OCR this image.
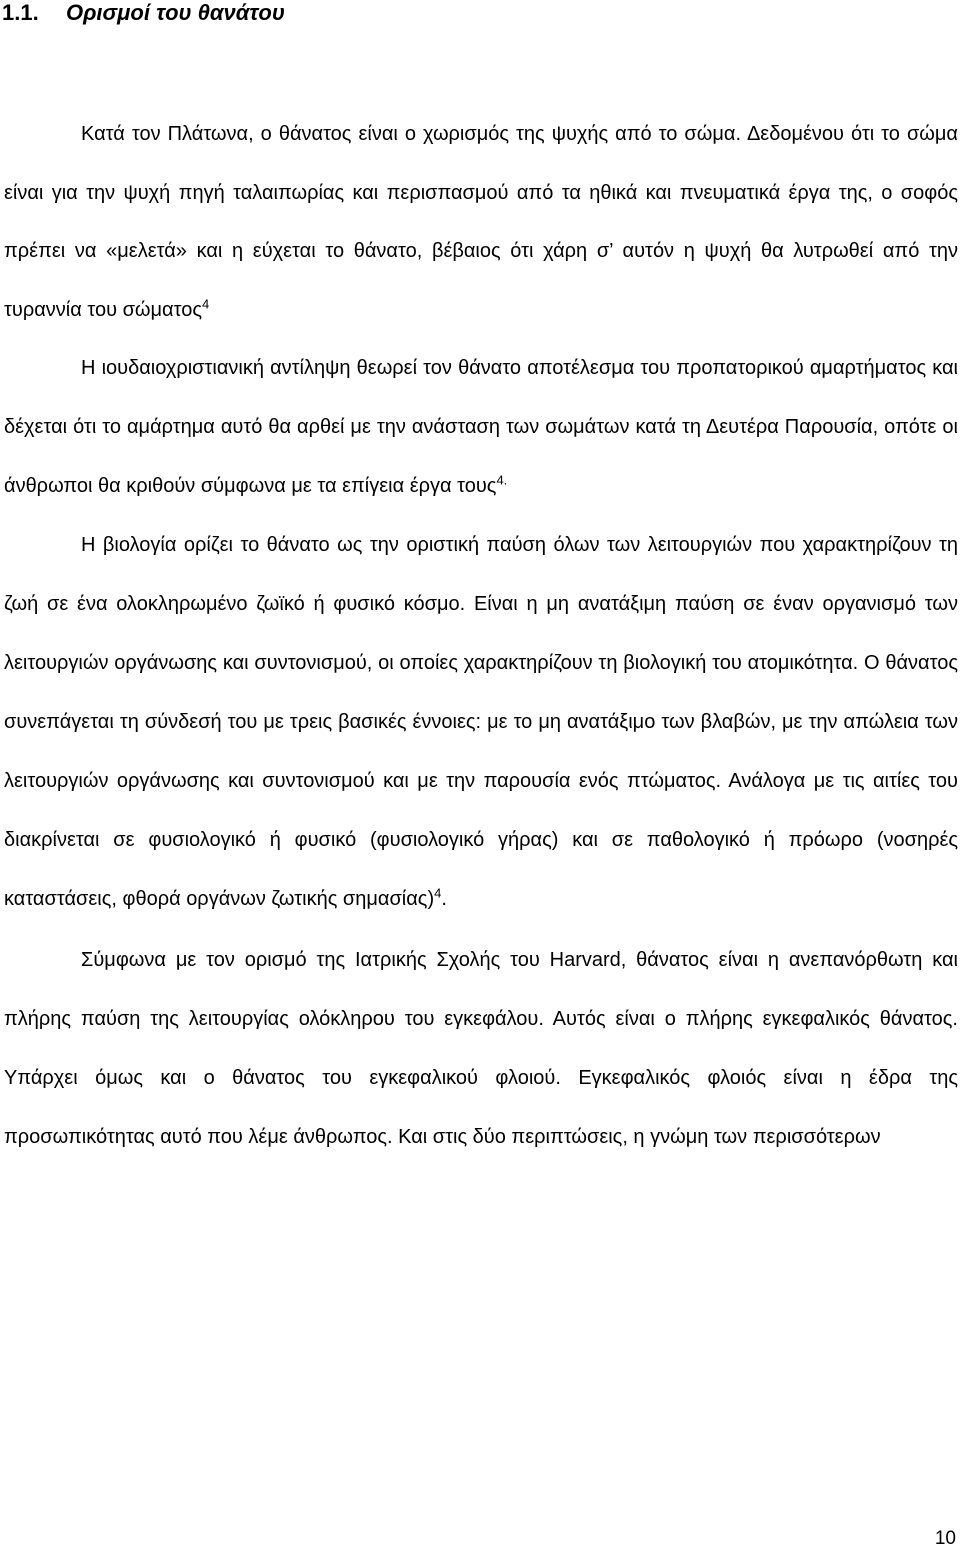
1.1. Ορισμοί του θανάτου

Κατά τον Πλάτωνα, ο θάνατος είναι ο χωρισμός της ψυχής από το σώμα. Δεδομένου ότι το σώμα είναι για την ψυχή πηγή ταλαιπωρίας και περισπασμού από τα ηθικά και πνευματικά έργα της, ο σοφός πρέπει να «μελετά» και η εύχεται το θάνατο, βέβαιος ότι χάρη σ’ αυτόν η ψυχή θα λυτρωθεί από την τυραννία του σώματος$^4$

Η ιουδαιοχριστιανική αντίληψη θεωρεί τον θάνατο αποτέλεσμα του προπατορικού αμαρτήματος και δέχεται ότι το αμάρτημα αυτό θα αρθεί με την ανάσταση των σωμάτων κατά τη Δευτέρα Παρουσία, οπότε οι άνθρωποι θα κριθούν σύμφωνα με τα επίγεια έργα τους$^{4.}$

Η βιολογία ορίζει το θάνατο ως την οριστική παύση όλων των λειτουργιών που χαρακτηρίζουν τη ζωή σε ένα ολοκληρωμένο ζωϊκό ή φυσικό κόσμο. Είναι η μη ανατάξιμη παύση σε έναν οργανισμό των λειτουργιών οργάνωσης και συντονισμού, οι οποίες χαρακτηρίζουν τη βιολογική του ατομικότητα. Ο θάνατος συνεπάγεται τη σύνδεσή του με τρεις βασικές έννοιες: με το μη ανατάξιμο των βλαβών, με την απώλεια των λειτουργιών οργάνωσης και συντονισμού και με την παρουσία ενός πτώματος. Ανάλογα με τις αιτίες του διακρίνεται σε φυσιολογικό ή φυσικό (φυσιολογικό γήρας) και σε παθολογικό ή πρόωρο (νοσηρές καταστάσεις, φθορά οργάνων ζωτικής σημασίας)$^4$.

Σύμφωνα με τον ορισμό της Ιατρικής Σχολής του Harvard, θάνατος είναι η ανεπανόρθωτη και πλήρης παύση της λειτουργίας ολόκληρου του εγκεφάλου. Αυτός είναι ο πλήρης εγκεφαλικός θάνατος. Υπάρχει όμως και ο θάνατος του εγκεφαλικού φλοιού. Εγκεφαλικός φλοιός είναι η έδρα της προσωπικότητας αυτό που λέμε άνθρωπος. Και στις δύο περιπτώσεις, η γνώμη των περισσότερων

10
